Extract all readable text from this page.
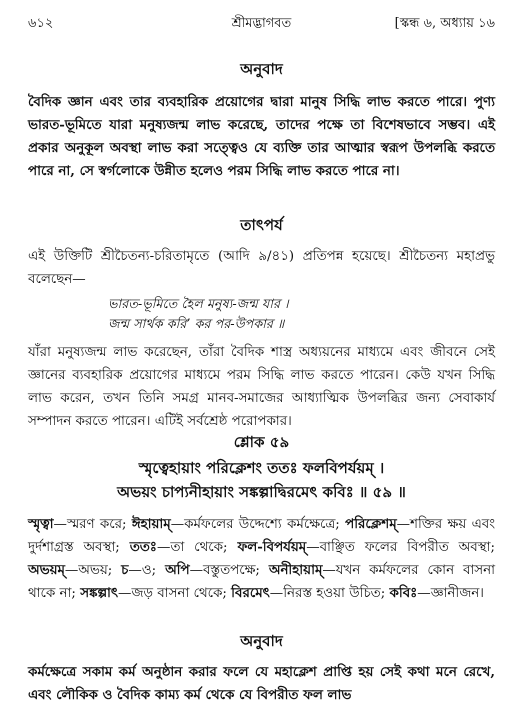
৬১২	শ্রীমদ্ভাগবত	[স্কন্ধ ৬, অধ্যায় ১৬

অনুবাদ

বৈদিক জ্ঞান এবং তার ব্যবহারিক প্রয়োগের দ্বারা মানুষ সিদ্ধি লাভ করতে পারে। পুণ্য ভারত-ভূমিতে যারা মনুষ্যজন্ম লাভ করেছে, তাদের পক্ষে তা বিশেষভাবে সম্ভব। এই প্রকার অনুকূল অবস্থা লাভ করা সত্ত্বেও যে ব্যক্তি তার আত্মার স্বরূপ উপলব্ধি করতে পারে না, সে স্বর্গলোকে উন্নীত হলেও পরম সিদ্ধি লাভ করতে পারে না।

তাৎপর্য

এই উক্তিটি শ্রীচৈতন্য-চরিতামৃতে (আদি ৯/৪১) প্রতিপন্ন হয়েছে। শ্রীচৈতন্য মহাপ্রভু বলেছেন—

ভারত-ভূমিতে হৈল মনুষ্য-জন্ম যার ।

জন্ম সার্থক করি’ কর পর-উপকার ॥

যাঁরা মনুষ্যজন্ম লাভ করেছেন, তাঁরা বৈদিক শাস্ত্র অধ্যয়নের মাধ্যমে এবং জীবনে সেই জ্ঞানের ব্যবহারিক প্রয়োগের মাধ্যমে পরম সিদ্ধি লাভ করতে পারেন। কেউ যখন সিদ্ধি লাভ করেন, তখন তিনি সমগ্র মানব-সমাজের আধ্যাত্মিক উপলব্ধির জন্য সেবাকার্য সম্পাদন করতে পারেন। এটিই সর্বশ্রেষ্ঠ পরোপকার।

শ্লোক ৫৯

স্মৃত্বেহায়াং পরিক্লেশং ততঃ ফলবিপর্যয়ম্ ।

অভয়ং চাপ্যনীহায়াং সঙ্কল্পাদ্বিরমেৎ কবিঃ ॥ ৫৯ ॥

স্মৃত্বা—স্মরণ করে; ঈহায়াম্—কর্মফলের উদ্দেশ্যে কর্মক্ষেত্রে; পরিক্লেশম্—শক্তির ক্ষয় এবং দুর্দশাগ্রস্ত অবস্থা; ততঃ—তা থেকে; ফল-বিপর্যয়ম্—বাঞ্ছিত ফলের বিপরীত অবস্থা; অভয়ম্—অভয়; চ—ও; অপি—বস্তুতপক্ষে; অনীহায়াম্—যখন কর্মফলের কোন বাসনা থাকে না; সঙ্কল্পাৎ—জড় বাসনা থেকে; বিরমেৎ—নিরস্ত হওয়া উচিত; কবিঃ—জ্ঞানীজন।

অনুবাদ

কর্মক্ষেত্রে সকাম কর্ম অনুষ্ঠান করার ফলে যে মহাক্লেশ প্রাপ্তি হয় সেই কথা মনে রেখে, এবং লৌকিক ও বৈদিক কাম্য কর্ম থেকে যে বিপরীত ফল লাভ
